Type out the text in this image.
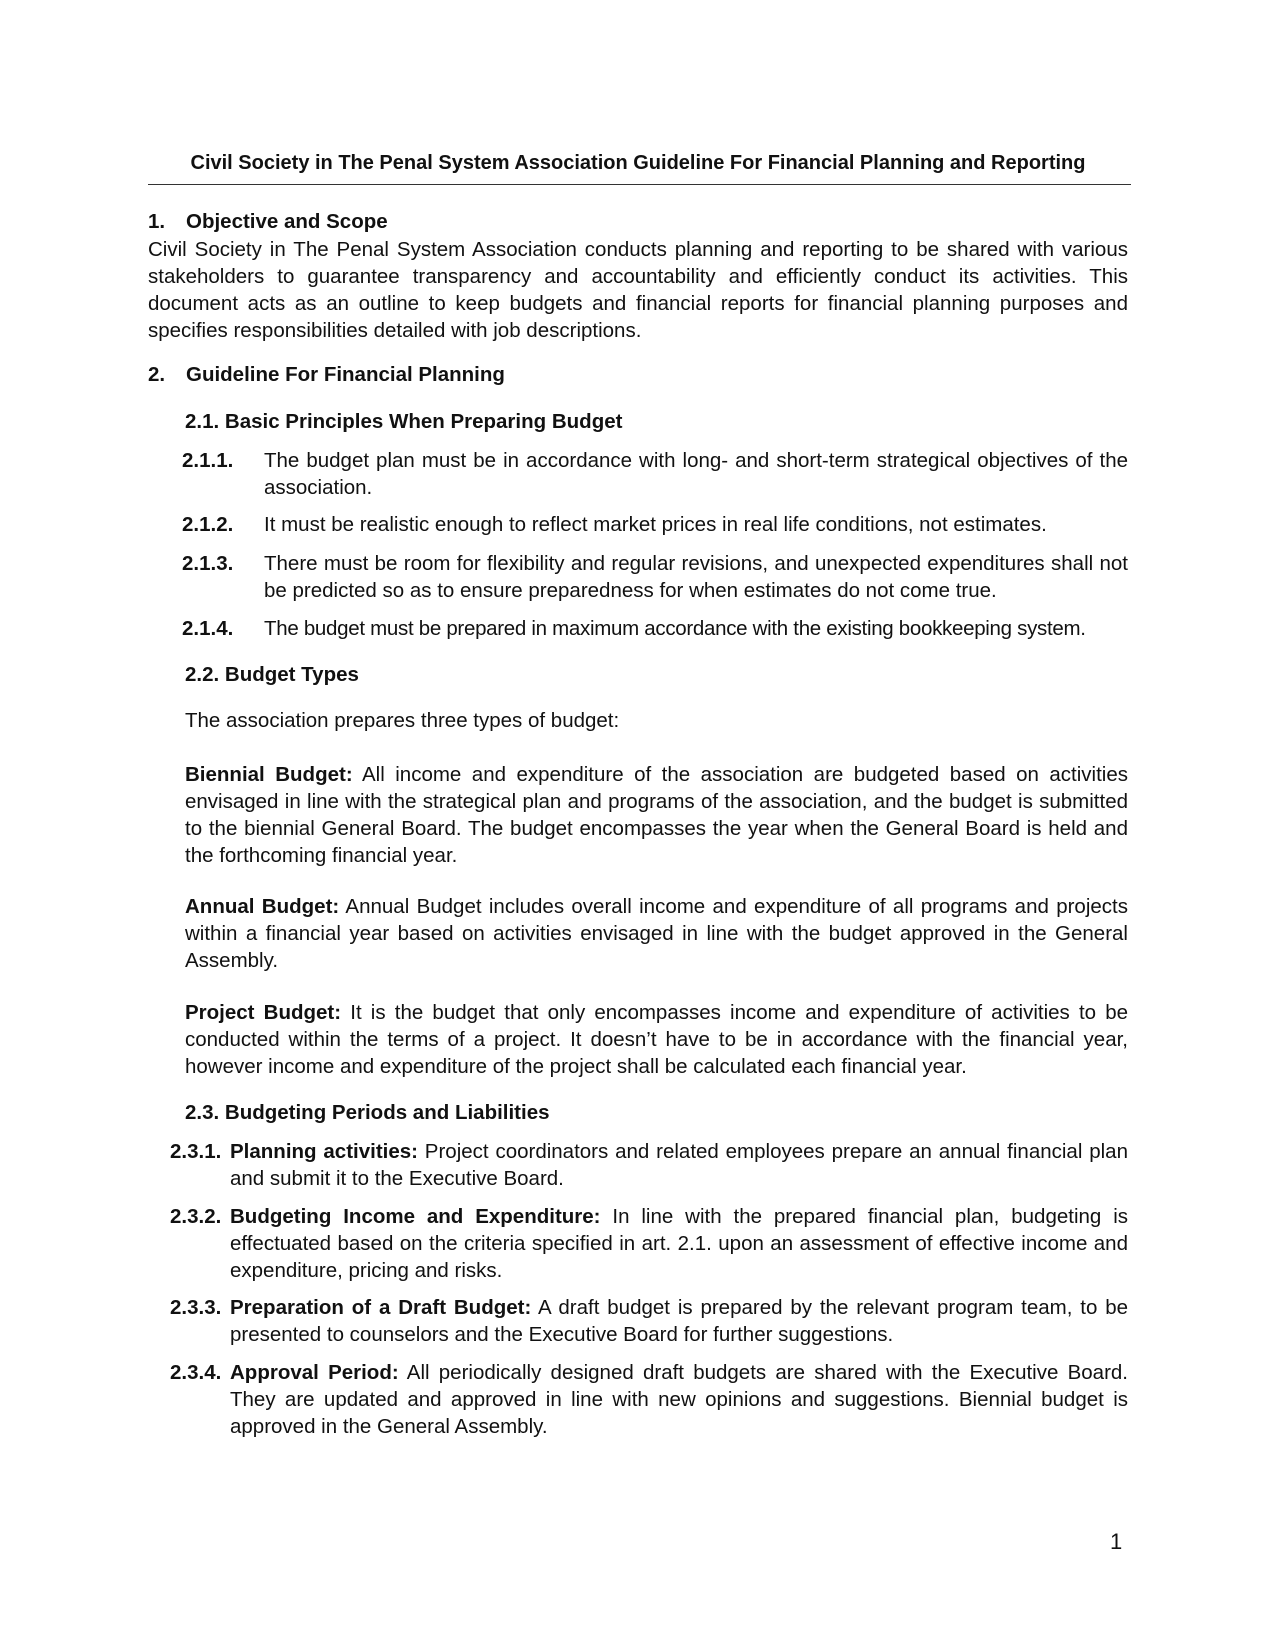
Civil Society in The Penal System Association Guideline For Financial Planning and Reporting
1.	Objective and Scope
Civil Society in The Penal System Association conducts planning and reporting to be shared with various stakeholders to guarantee transparency and accountability and efficiently conduct its activities. This document acts as an outline to keep budgets and financial reports for financial planning purposes and specifies responsibilities detailed with job descriptions.
2.	Guideline For Financial Planning
2.1. Basic Principles When Preparing Budget
2.1.1.	The budget plan must be in accordance with long- and short-term strategical objectives of the association.
2.1.2.	It must be realistic enough to reflect market prices in real life conditions, not estimates.
2.1.3.	There must be room for flexibility and regular revisions, and unexpected expenditures shall not be predicted so as to ensure preparedness for when estimates do not come true.
2.1.4.	The budget must be prepared in maximum accordance with the existing bookkeeping system.
2.2. Budget Types
The association prepares three types of budget:
Biennial Budget: All income and expenditure of the association are budgeted based on activities envisaged in line with the strategical plan and programs of the association, and the budget is submitted to the biennial General Board. The budget encompasses the year when the General Board is held and the forthcoming financial year.
Annual Budget: Annual Budget includes overall income and expenditure of all programs and projects within a financial year based on activities envisaged in line with the budget approved in the General Assembly.
Project Budget: It is the budget that only encompasses income and expenditure of activities to be conducted within the terms of a project. It doesn’t have to be in accordance with the financial year, however income and expenditure of the project shall be calculated each financial year.
2.3. Budgeting Periods and Liabilities
2.3.1. Planning activities: Project coordinators and related employees prepare an annual financial plan and submit it to the Executive Board.
2.3.2. Budgeting Income and Expenditure: In line with the prepared financial plan, budgeting is effectuated based on the criteria specified in art. 2.1. upon an assessment of effective income and expenditure, pricing and risks.
2.3.3. Preparation of a Draft Budget: A draft budget is prepared by the relevant program team, to be presented to counselors and the Executive Board for further suggestions.
2.3.4. Approval Period: All periodically designed draft budgets are shared with the Executive Board. They are updated and approved in line with new opinions and suggestions. Biennial budget is approved in the General Assembly.
1
